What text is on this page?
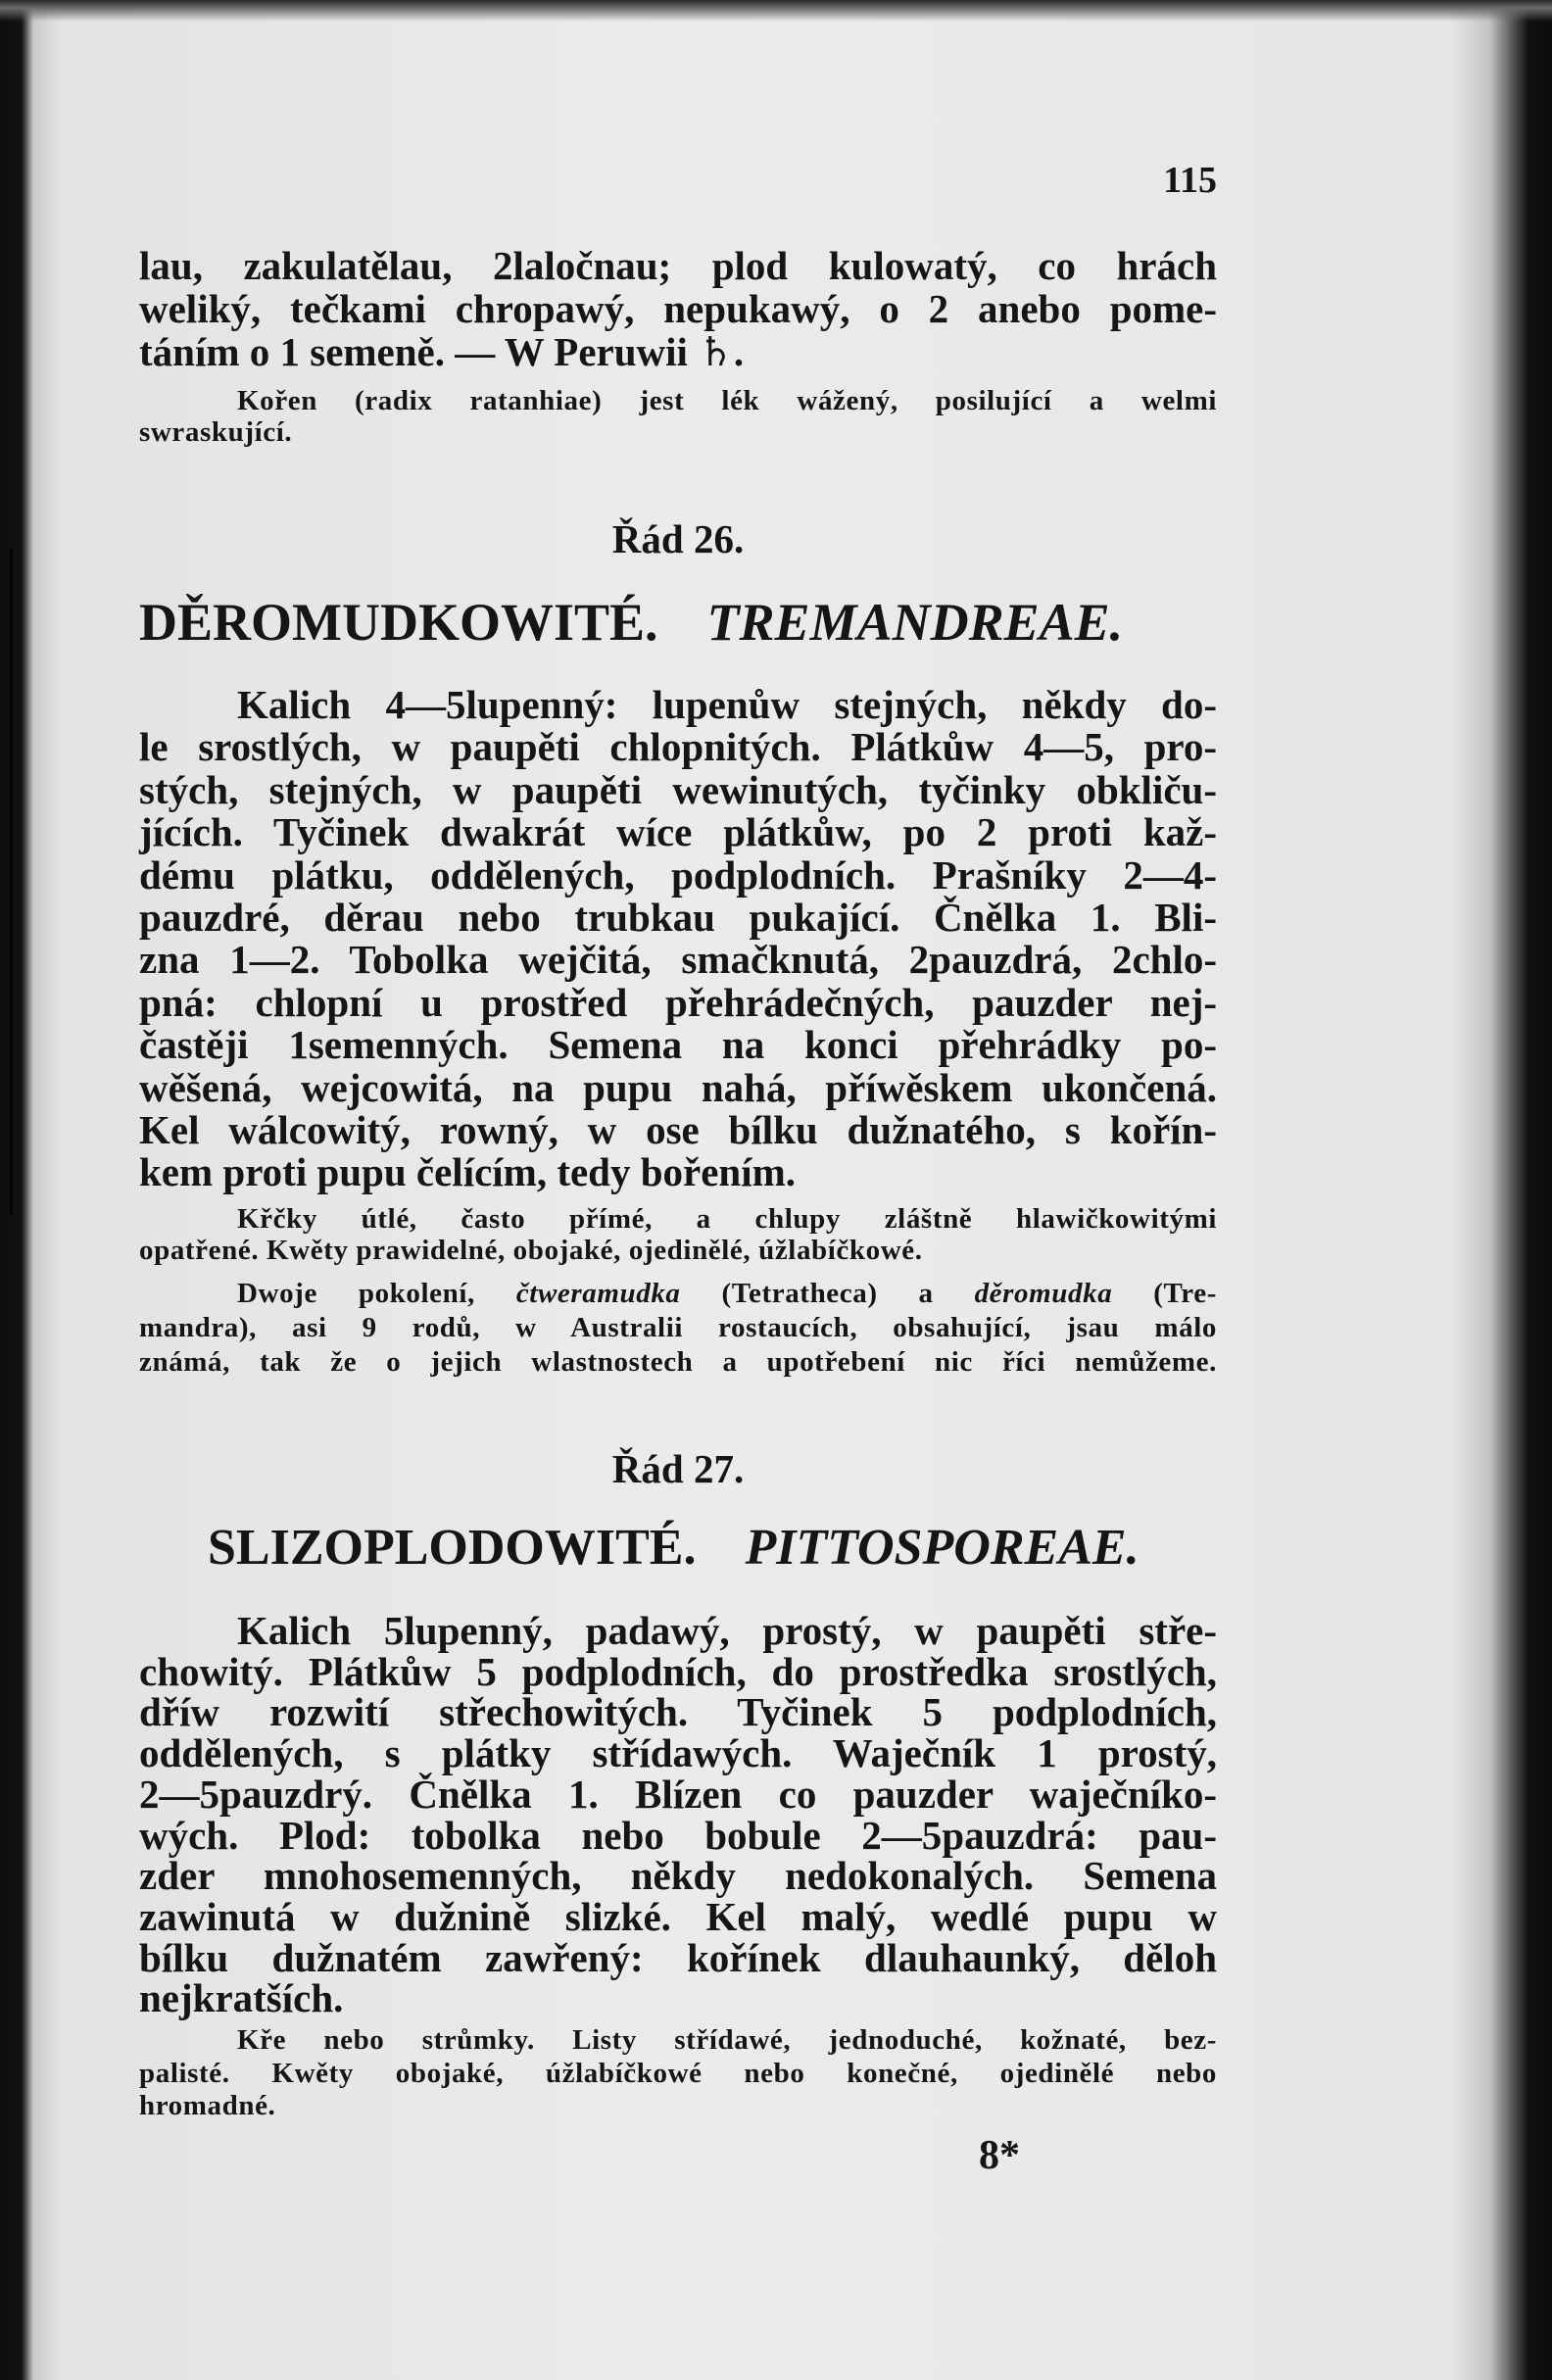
115
lau, zakulatělau, 2laločnau; plod kulowatý, co hrách
weliký, tečkami chropawý, nepukawý, o 2 anebo pome-
táním o 1 semeně. — W Peruwii ♄.
Kořen (radix ratanhiae) jest lék wážený, posilující a welmi
swraskující.
Řád 26.
DĚROMUDKOWITÉ. TREMANDREAE.
Kalich 4—5lupenný: lupenůw stejných, někdy do-
le srostlých, w paupěti chlopnitých. Plátkůw 4—5, pro-
stých, stejných, w paupěti wewinutých, tyčinky obkliču-
jících. Tyčinek dwakrát wíce plátkůw, po 2 proti kaž-
dému plátku, oddělených, podplodních. Prašníky 2—4-
pauzdré, děrau nebo trubkau pukající. Čnělka 1. Bli-
zna 1—2. Tobolka wejčitá, smačknutá, 2pauzdrá, 2chlo-
pná: chlopní u prostřed přehrádečných, pauzder nej-
častěji 1semenných. Semena na konci přehrádky po-
wěšená, wejcowitá, na pupu nahá, příwěskem ukončená.
Kel wálcowitý, rowný, w ose bílku dužnatého, s kořín-
kem proti pupu čelícím, tedy bořením.
Křčky útlé, často přímé, a chlupy zláštně hlawičkowitými
opatřené. Kwěty prawidelné, obojaké, ojedinělé, úžlabíčkowé.
Dwoje pokolení, čtweramudka (Tetratheca) a děromudka (Tre-
mandra), asi 9 rodů, w Australii rostaucích, obsahující, jsau málo
známá, tak že o jejich wlastnostech a upotřebení nic říci nemůžeme.
Řád 27.
SLIZOPLODOWITÉ. PITTOSPOREAE.
Kalich 5lupenný, padawý, prostý, w paupěti stře-
chowitý. Plátkůw 5 podplodních, do prostředka srostlých,
dříw rozwití střechowitých. Tyčinek 5 podplodních,
oddělených, s plátky střídawých. Waječník 1 prostý,
2—5pauzdrý. Čnělka 1. Blízen co pauzder waječníko-
wých. Plod: tobolka nebo bobule 2—5pauzdrá: pau-
zder mnohosemenných, někdy nedokonalých. Semena
zawinutá w dužnině slizké. Kel malý, wedlé pupu w
bílku dužnatém zawřený: kořínek dlauhaunký, děloh
nejkratších.
Kře nebo strůmky. Listy střídawé, jednoduché, kožnaté, bez-
palisté. Kwěty obojaké, úžlabíčkowé nebo konečné, ojedinělé nebo
hromadné.
8*
